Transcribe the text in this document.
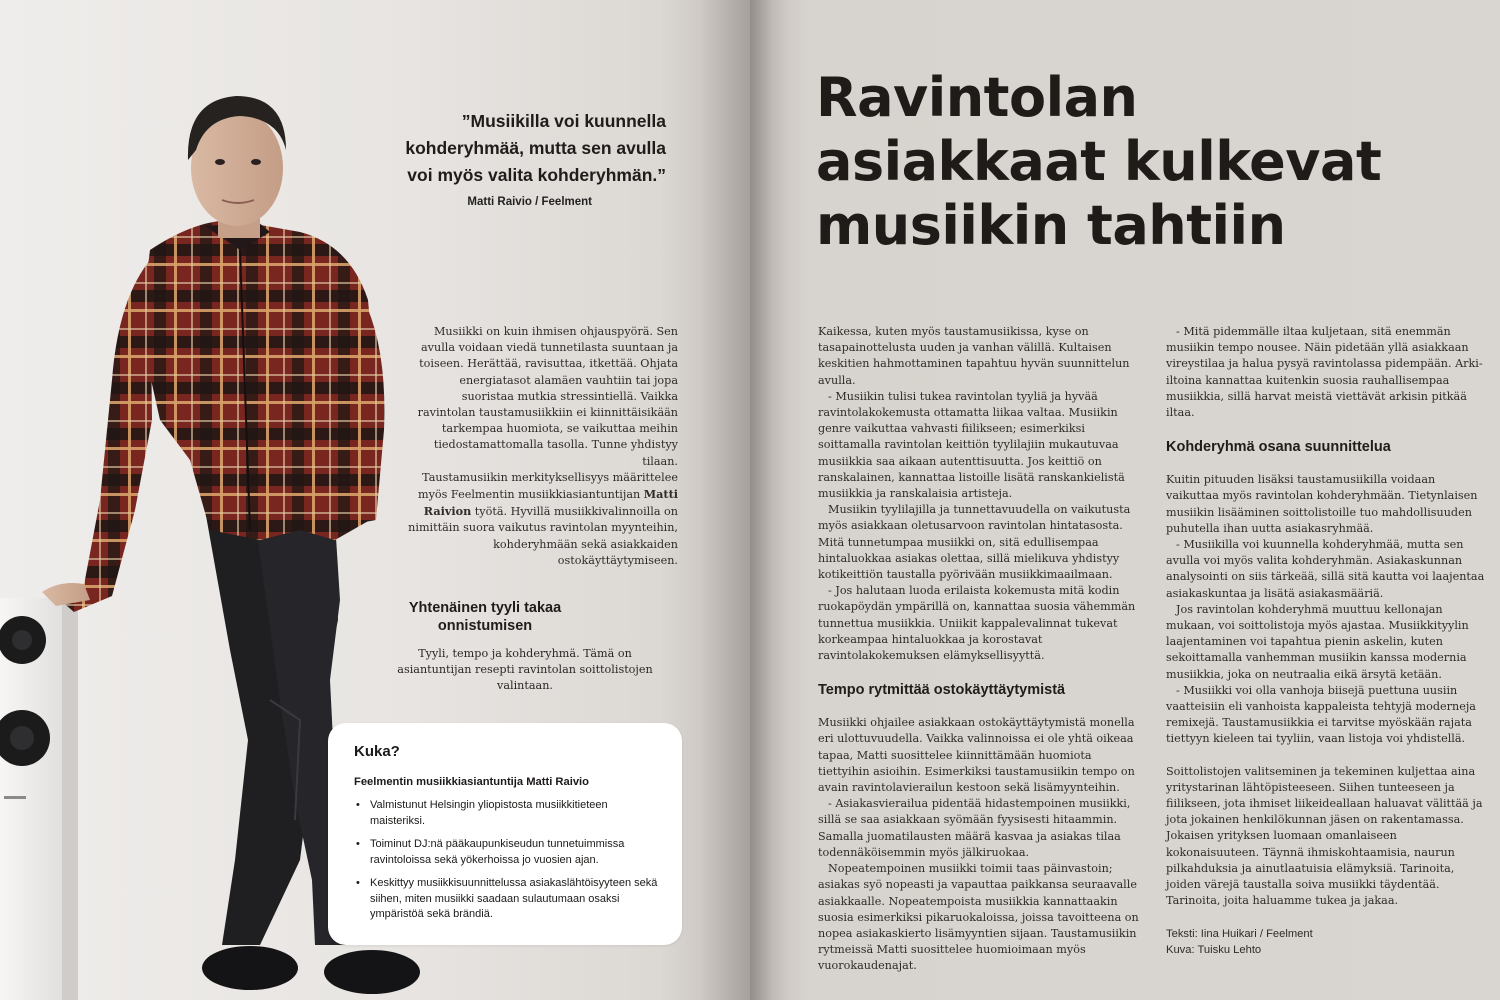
”Musiikilla voi kuunnella
kohderyhmää, mutta sen avulla
voi myös valita kohderyhmän.”
Matti Raivio / Feelment

Musiikki on kuin ihmisen ohjauspyörä. Sen avulla voidaan viedä tunnetilasta suuntaan ja toiseen. Herättää, ravisuttaa, itkettää. Ohjata energiatasot alamäen vauhtiin tai jopa suoristaa mutkia stressintiellä. Vaikka ravintolan taustamusiikkiin ei kiinnittäisikään tarkempaa huomiota, se vaikuttaa meihin tiedostamattomalla tasolla. Tunne yhdistyy tilaan.

Taustamusiikin merkityksellisyys määrittelee myös Feelmentin musiikkiasiantuntijan Matti Raivion työtä. Hyvillä musiikkivalinnoilla on nimittäin suora vaikutus ravintolan myynteihin, kohderyhmään sekä asiakkaiden ostokäyttäytymiseen.

Yhtenäinen tyyli takaa onnistumisen
Tyyli, tempo ja kohderyhmä. Tämä on asiantuntijan resepti ravintolan soittolistojen valintaan.
Kuka?
Feelmentin musiikkiasiantuntija Matti Raivio
• Valmistunut Helsingin yliopistosta musiikkitieteen maisteriksi.
• Toiminut DJ:nä pääkaupunkiseudun tunnetuimmissa ravintoloissa sekä yökerhoissa jo vuosien ajan.
• Keskittyy musiikkisuunnittelussa asiakaslähtöisyyteen sekä siihen, miten musiikki saadaan sulautumaan osaksi ympäristöä sekä brändiä.
Ravintolan
asiakkaat kulkevat
musiikin tahtiin

Kaikessa, kuten myös taustamusiikissa, kyse on tasapainottelusta uuden ja vanhan välillä. Kultaisen keskitien hahmottaminen tapahtuu hyvän suunnittelun avulla.

- Musiikin tulisi tukea ravintolan tyyliä ja hyvää ravintolakokemusta ottamatta liikaa valtaa. Musiikin genre vaikuttaa vahvasti fiilikseen; esimerkiksi soittamalla ravintolan keittiön tyylilajiin mukautuvaa musiikkia saa aikaan autenttisuutta. Jos keittiö on ranskalainen, kannattaa listoille lisätä ranskankielistä musiikkia ja ranskalaisia artisteja.

Musiikin tyylilajilla ja tunnettavuudella on vaikutusta myös asiakkaan oletusarvoon ravintolan hintatasosta. Mitä tunnetumpaa musiikki on, sitä edullisempaa hintaluokkaa asiakas olettaa, sillä mielikuva yhdistyy kotikeittiön taustalla pyörivään musiikkimaailmaan.

- Jos halutaan luoda erilaista kokemusta mitä kodin ruokapöydän ympärillä on, kannattaa suosia vähemmän tunnettua musiikkia. Uniikit kappalevalinnat tukevat korkeampaa hintaluokkaa ja korostavat ravintolakokemuksen elämyksellisyyttä.

Tempo rytmittää ostokäyttäytymistä

Musiikki ohjailee asiakkaan ostokäyttäytymistä monella eri ulottuvuudella. Vaikka valinnoissa ei ole yhtä oikeaa tapaa, Matti suosittelee kiinnittämään huomiota tiettyihin asioihin. Esimerkiksi taustamusiikin tempo on avain ravintolavierailun kestoon sekä lisämyynteihin.

- Asiakasvierailua pidentää hidastempoinen musiikki, sillä se saa asiakkaan syömään fyysisesti hitaammin. Samalla juomatilausten määrä kasvaa ja asiakas tilaa todennäköisemmin myös jälkiruokaa.

Nopeatempoinen musiikki toimii taas päinvastoin; asiakas syö nopeasti ja vapauttaa paikkansa seuraavalle asiakkaalle. Nopeatempoista musiikkia kannattaakin suosia esimerkiksi pikaruokaloissa, joissa tavoitteena on nopea asiakaskierto lisämyyntien sijaan. Taustamusiikin rytmeissä Matti suosittelee huomioimaan myös vuorokaudenajat.

- Mitä pidemmälle iltaa kuljetaan, sitä enemmän musiikin tempo nousee. Näin pidetään yllä asiakkaan vireystilaa ja halua pysyä ravintolassa pidempään. Arki-iltoina kannattaa kuitenkin suosia rauhallisempaa musiikkia, sillä harvat meistä viettävät arkisin pitkää iltaa.

Kohderyhmä osana suunnittelua

Kuitin pituuden lisäksi taustamusiikilla voidaan vaikuttaa myös ravintolan kohderyhmään. Tietynlaisen musiikin lisääminen soittolistoille tuo mahdollisuuden puhutella ihan uutta asiakasryhmää.

- Musiikilla voi kuunnella kohderyhmää, mutta sen avulla voi myös valita kohderyhmän. Asiakaskunnan analysointi on siis tärkeää, sillä sitä kautta voi laajentaa asiakaskuntaa ja lisätä asiakasmääriä.

Jos ravintolan kohderyhmä muuttuu kellonajan mukaan, voi soittolistoja myös ajastaa. Musiikkityylin laajentaminen voi tapahtua pienin askelin, kuten sekoittamalla vanhemman musiikin kanssa modernia musiikkia, joka on neutraalia eikä ärsytä ketään.

- Musiikki voi olla vanhoja biisejä puettuna uusiin vaatteisiin eli vanhoista kappaleista tehtyjä moderneja remixejä. Taustamusiikkia ei tarvitse myöskään rajata tiettyyn kieleen tai tyyliin, vaan listoja voi yhdistellä.

Soittolistojen valitseminen ja tekeminen kuljettaa aina yritystarinan lähtöpisteeseen. Siihen tunteeseen ja fiilikseen, jota ihmiset liikeideallaan haluavat välittää ja jota jokainen henkilökunnan jäsen on rakentamassa. Jokaisen yrityksen luomaan omanlaiseen kokonaisuuteen. Täynnä ihmiskohtaamisia, naurun pilkahduksia ja ainutlaatuisia elämyksiä. Tarinoita, joiden värejä taustalla soiva musiikki täydentää. Tarinoita, joita haluamme tukea ja jakaa.

Teksti: Iina Huikari / Feelment
Kuva: Tuisku Lehto
